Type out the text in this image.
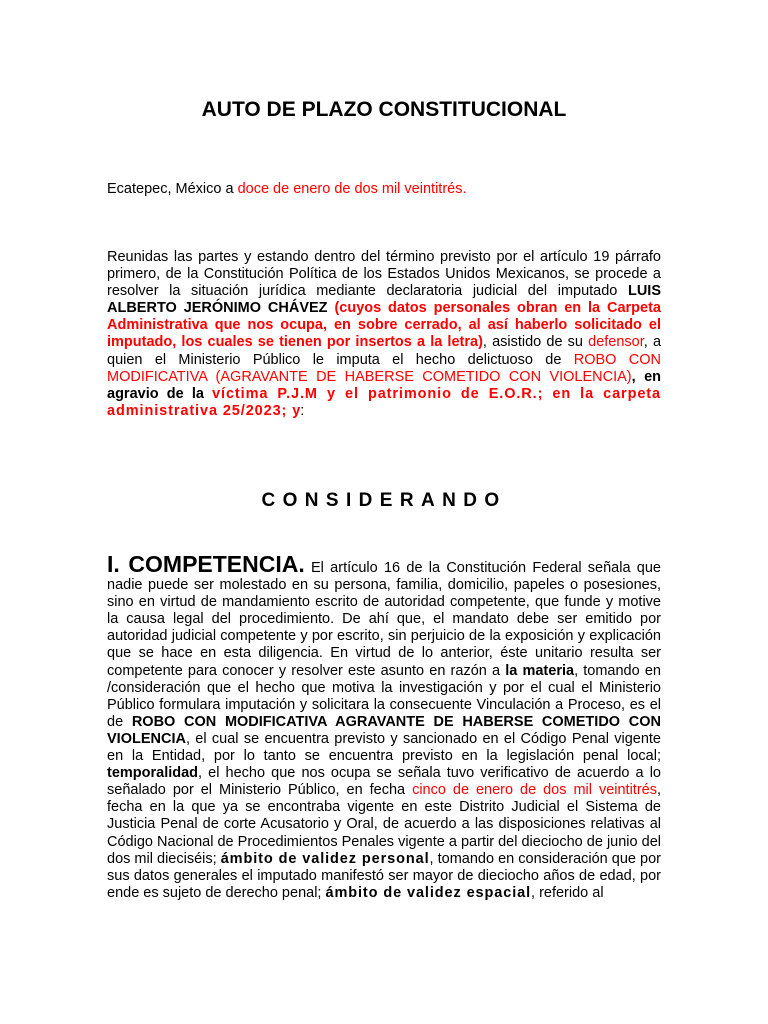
AUTO DE PLAZO CONSTITUCIONAL
Ecatepec, México a doce de enero de dos mil veintitrés.
Reunidas las partes y estando dentro del término previsto por el artículo 19 párrafo primero, de la Constitución Política de los Estados Unidos Mexicanos, se procede a resolver la situación jurídica mediante declaratoria judicial del imputado LUIS ALBERTO JERÓNIMO CHÁVEZ (cuyos datos personales obran en la Carpeta Administrativa que nos ocupa, en sobre cerrado, al así haberlo solicitado el imputado, los cuales se tienen por insertos a la letra), asistido de su defensor, a quien el Ministerio Público le imputa el hecho delictuoso de ROBO CON MODIFICATIVA (AGRAVANTE DE HABERSE COMETIDO CON VIOLENCIA), en agravio de la víctima P.J.M y el patrimonio de E.O.R.; en la carpeta administrativa 25/2023; y:
CONSIDERANDO
I. COMPETENCIA. El artículo 16 de la Constitución Federal señala que nadie puede ser molestado en su persona, familia, domicilio, papeles o posesiones, sino en virtud de mandamiento escrito de autoridad competente, que funde y motive la causa legal del procedimiento. De ahí que, el mandato debe ser emitido por autoridad judicial competente y por escrito, sin perjuicio de la exposición y explicación que se hace en esta diligencia. En virtud de lo anterior, éste unitario resulta ser competente para conocer y resolver este asunto en razón a la materia, tomando en /consideración que el hecho que motiva la investigación y por el cual el Ministerio Público formulara imputación y solicitara la consecuente Vinculación a Proceso, es el de ROBO CON MODIFICATIVA AGRAVANTE DE HABERSE COMETIDO CON VIOLENCIA, el cual se encuentra previsto y sancionado en el Código Penal vigente en la Entidad, por lo tanto se encuentra previsto en la legislación penal local; temporalidad, el hecho que nos ocupa se señala tuvo verificativo de acuerdo a lo señalado por el Ministerio Público, en fecha cinco de enero de dos mil veintitrés, fecha en la que ya se encontraba vigente en este Distrito Judicial el Sistema de Justicia Penal de corte Acusatorio y Oral, de acuerdo a las disposiciones relativas al Código Nacional de Procedimientos Penales vigente a partir del dieciocho de junio del dos mil dieciséis; ámbito de validez personal, tomando en consideración que por sus datos generales el imputado manifestó ser mayor de dieciocho años de edad, por ende es sujeto de derecho penal; ámbito de validez espacial, referido al
